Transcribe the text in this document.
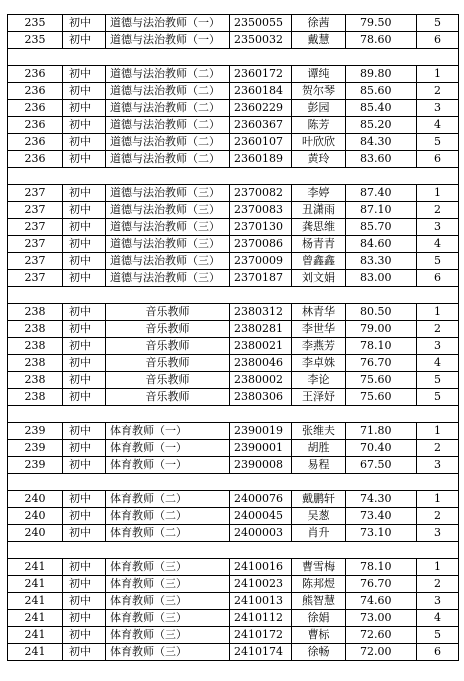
235	初中	道德与法治教师（一）	2350055	徐茜	79.50	5
235	初中	道德与法治教师（一）	2350032	戴慧	78.60	6

236	初中	道德与法治教师（二）	2360172	谭纯	89.80	1
236	初中	道德与法治教师（二）	2360184	贺尔琴	85.60	2
236	初中	道德与法治教师（二）	2360229	彭园	85.40	3
236	初中	道德与法治教师（二）	2360367	陈芳	85.20	4
236	初中	道德与法治教师（二）	2360107	叶欣欣	84.30	5
236	初中	道德与法治教师（二）	2360189	黄玲	83.60	6

237	初中	道德与法治教师（三）	2370082	李婷	87.40	1
237	初中	道德与法治教师（三）	2370083	丑潇雨	87.10	2
237	初中	道德与法治教师（三）	2370130	龚思维	85.70	3
237	初中	道德与法治教师（三）	2370086	杨青青	84.60	4
237	初中	道德与法治教师（三）	2370009	曾鑫鑫	83.30	5
237	初中	道德与法治教师（三）	2370187	刘文娟	83.00	6

238	初中	音乐教师	2380312	林青华	80.50	1
238	初中	音乐教师	2380281	李世华	79.00	2
238	初中	音乐教师	2380021	李燕芳	78.10	3
238	初中	音乐教师	2380046	李卓姝	76.70	4
238	初中	音乐教师	2380002	李论	75.60	5
238	初中	音乐教师	2380306	王泽妤	75.60	5

239	初中	体育教师（一）	2390019	张维夫	71.80	1
239	初中	体育教师（一）	2390001	胡胜	70.40	2
239	初中	体育教师（一）	2390008	易程	67.50	3

240	初中	体育教师（二）	2400076	戴鹏轩	74.30	1
240	初中	体育教师（二）	2400045	吴葱	73.40	2
240	初中	体育教师（二）	2400003	肖升	73.10	3

241	初中	体育教师（三）	2410016	曹雪梅	78.10	1
241	初中	体育教师（三）	2410023	陈邦煜	76.70	2
241	初中	体育教师（三）	2410013	熊智慧	74.60	3
241	初中	体育教师（三）	2410112	徐娟	73.00	4
241	初中	体育教师（三）	2410172	曹标	72.60	5
241	初中	体育教师（三）	2410174	徐畅	72.00	6
